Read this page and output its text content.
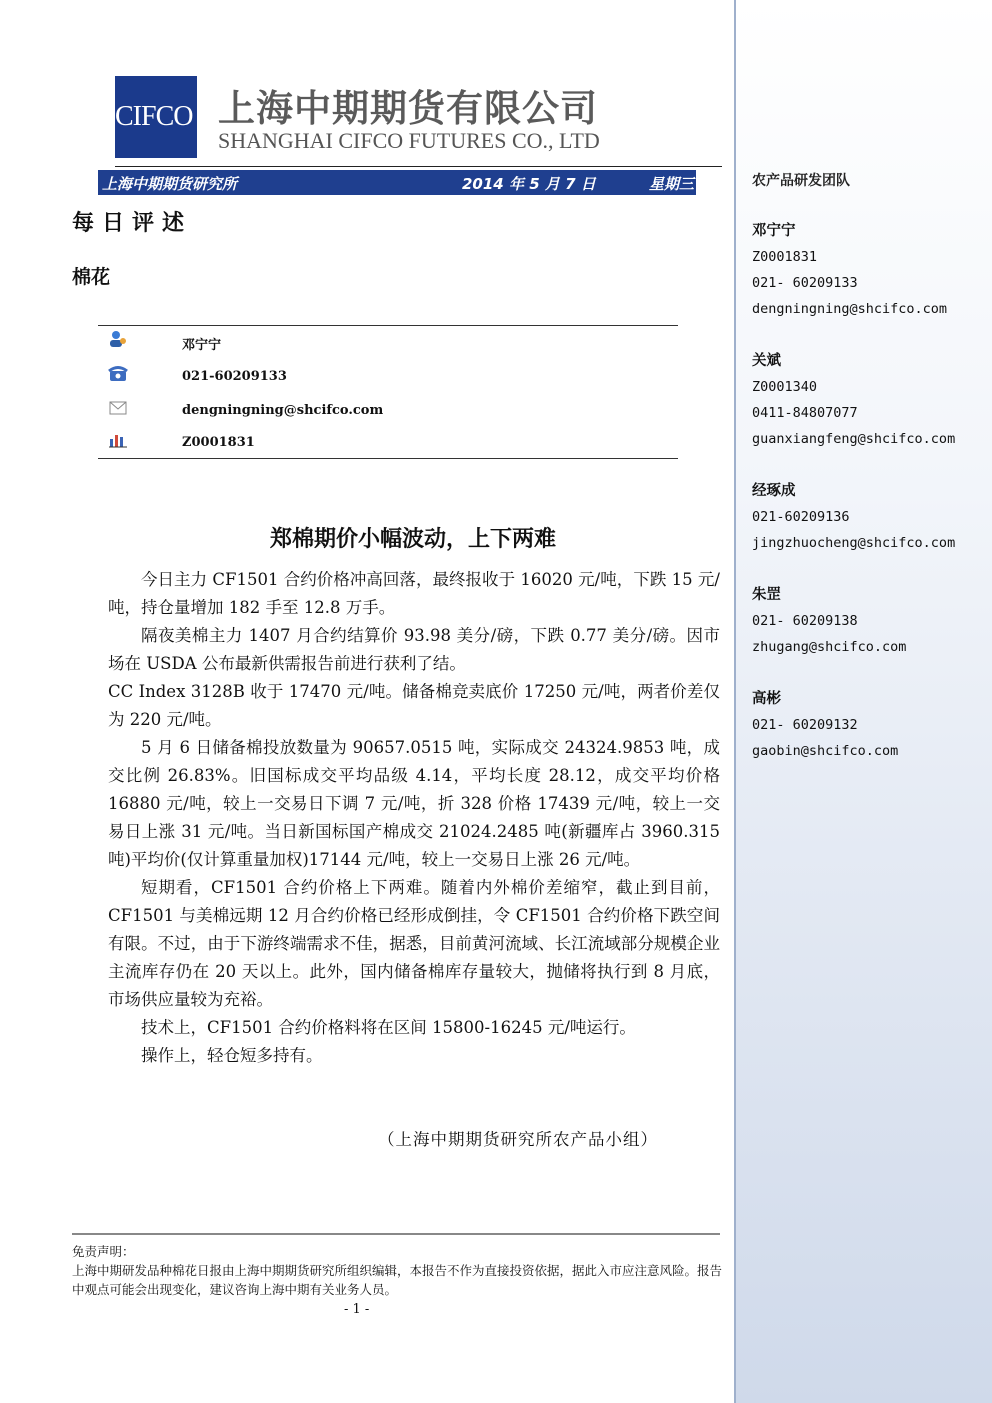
农产品研发团队
邓宁宁
Z0001831
021- 60209133
dengningning@shcifco.com
关斌
Z0001340
0411-84807077
guanxiangfeng@shcifco.com
经琢成
021-60209136
jingzhuocheng@shcifco.com
朱罡
021- 60209138
zhugang@shcifco.com
高彬
021- 60209132
gaobin@shcifco.com
CIFCO 上海中期期货有限公司
SHANGHAI CIFCO FUTURES CO., LTD
上海中期期货研究所	2014 年 5 月 7 日	星期三
每日评述
棉花
邓宁宁
021-60209133
dengningning@shcifco.com
Z0001831
郑棉期价小幅波动，上下两难

今日主力 CF1501 合约价格冲高回落，最终报收于 16020 元/吨，下跌 15 元/吨，持仓量增加 182 手至 12.8 万手。

隔夜美棉主力 1407 月合约结算价 93.98 美分/磅，下跌 0.77 美分/磅。因市场在 USDA 公布最新供需报告前进行获利了结。

CC Index 3128B 收于 17470 元/吨。储备棉竞卖底价 17250 元/吨，两者价差仅为 220 元/吨。

5 月 6 日储备棉投放数量为 90657.0515 吨，实际成交 24324.9853 吨，成交比例 26.83%。旧国标成交平均品级 4.14，平均长度 28.12，成交平均价格 16880 元/吨，较上一交易日下调 7 元/吨，折 328 价格 17439 元/吨，较上一交易日上涨 31 元/吨。当日新国标国产棉成交 21024.2485 吨(新疆库占 3960.315 吨)平均价(仅计算重量加权)17144 元/吨，较上一交易日上涨 26 元/吨。

短期看，CF1501 合约价格上下两难。随着内外棉价差缩窄，截止到目前，CF1501 与美棉远期 12 月合约价格已经形成倒挂，令 CF1501 合约价格下跌空间有限。不过，由于下游终端需求不佳，据悉，目前黄河流域、长江流域部分规模企业主流库存仍在 20 天以上。此外，国内储备棉库存量较大，抛储将执行到 8 月底，市场供应量较为充裕。

技术上，CF1501 合约价格料将在区间 15800-16245 元/吨运行。

操作上，轻仓短多持有。

（上海中期期货研究所农产品小组）
免责声明：
上海中期研发品种棉花日报由上海中期期货研究所组织编辑，本报告不作为直接投资依据，据此入市应注意风险。报告中观点可能会出现变化，建议咨询上海中期有关业务人员。
- 1 -
